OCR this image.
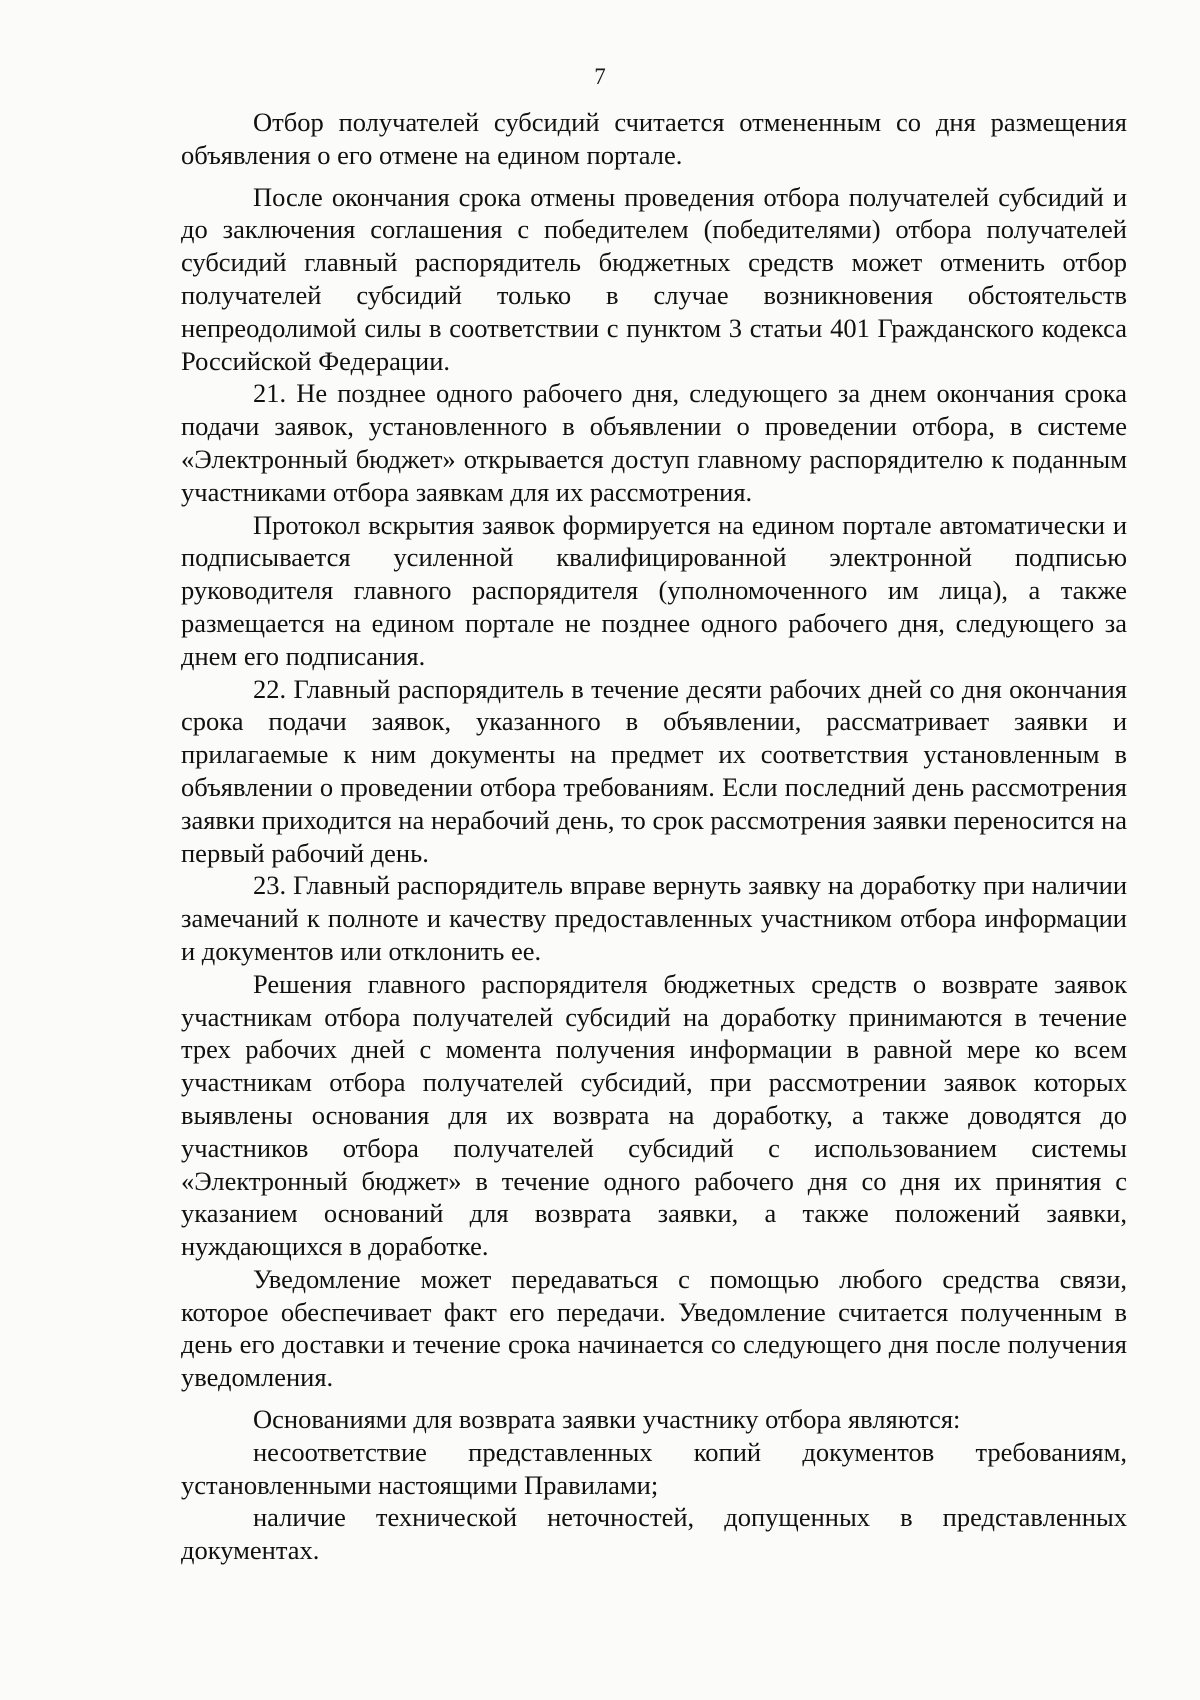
7

Отбор получателей субсидий считается отмененным со дня размещения объявления о его отмене на едином портале.

После окончания срока отмены проведения отбора получателей субсидий и до заключения соглашения с победителем (победителями) отбора получателей субсидий главный распорядитель бюджетных средств может отменить отбор получателей субсидий только в случае возникновения обстоятельств непреодолимой силы в соответствии с пунктом 3 статьи 401 Гражданского кодекса Российской Федерации.

21. Не позднее одного рабочего дня, следующего за днем окончания срока подачи заявок, установленного в объявлении о проведении отбора, в системе «Электронный бюджет» открывается доступ главному распорядителю к поданным участниками отбора заявкам для их рассмотрения.

Протокол вскрытия заявок формируется на едином портале автоматически и подписывается усиленной квалифицированной электронной подписью руководителя главного распорядителя (уполномоченного им лица), а также размещается на едином портале не позднее одного рабочего дня, следующего за днем его подписания.

22. Главный распорядитель в течение десяти рабочих дней со дня окончания срока подачи заявок, указанного в объявлении, рассматривает заявки и прилагаемые к ним документы на предмет их соответствия установленным в объявлении о проведении отбора требованиям. Если последний день рассмотрения заявки приходится на нерабочий день, то срок рассмотрения заявки переносится на первый рабочий день.

23. Главный распорядитель вправе вернуть заявку на доработку при наличии замечаний к полноте и качеству предоставленных участником отбора информации и документов или отклонить ее.

Решения главного распорядителя бюджетных средств о возврате заявок участникам отбора получателей субсидий на доработку принимаются в течение трех рабочих дней с момента получения информации в равной мере ко всем участникам отбора получателей субсидий, при рассмотрении заявок которых выявлены основания для их возврата на доработку, а также доводятся до участников отбора получателей субсидий с использованием системы «Электронный бюджет» в течение одного рабочего дня со дня их принятия с указанием оснований для возврата заявки, а также положений заявки, нуждающихся в доработке.

Уведомление может передаваться с помощью любого средства связи, которое обеспечивает факт его передачи. Уведомление считается полученным в день его доставки и течение срока начинается со следующего дня после получения уведомления.

Основаниями для возврата заявки участнику отбора являются:

несоответствие представленных копий документов требованиям, установленными настоящими Правилами;

наличие технической неточностей, допущенных в представленных документах.
